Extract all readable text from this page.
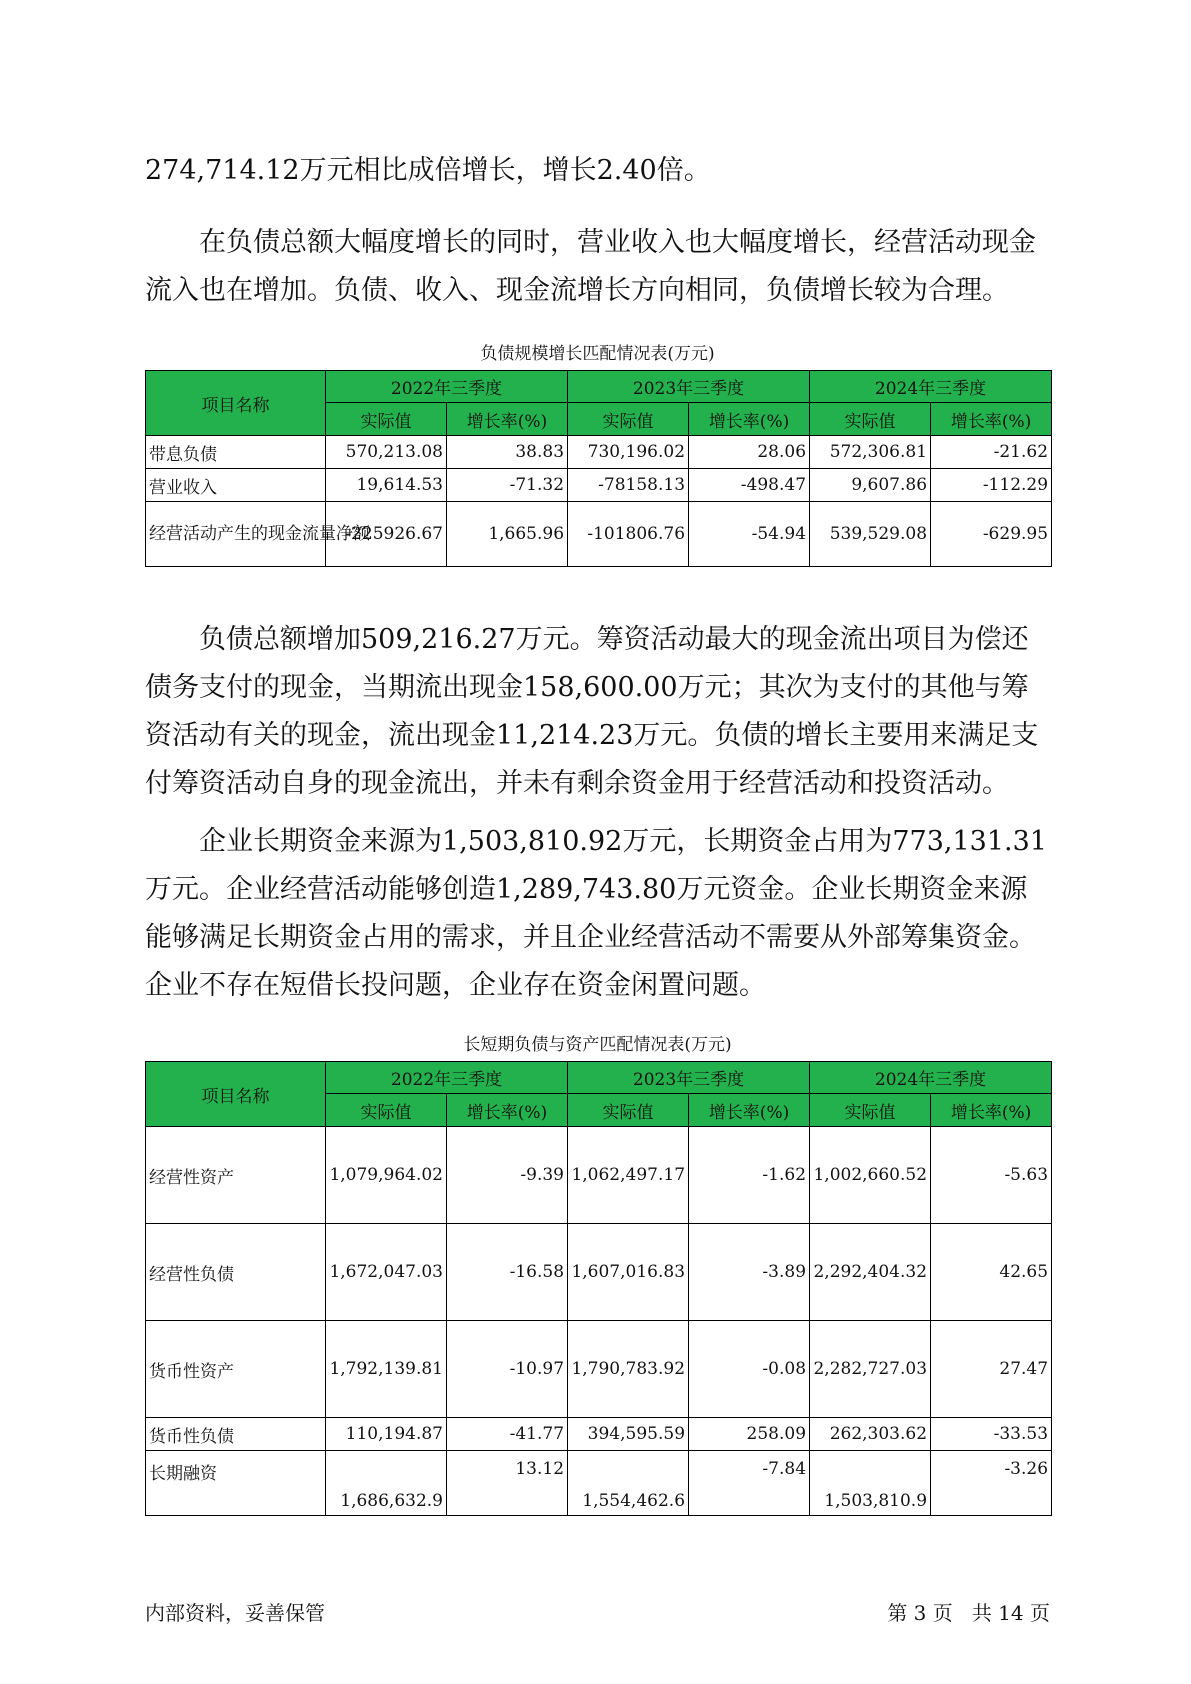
274,714.12万元相比成倍增长，增长2.40倍。

在负债总额大幅度增长的同时，营业收入也大幅度增长，经营活动现金流入也在增加。负债、收入、现金流增长方向相同，负债增长较为合理。

负债规模增长匹配情况表(万元)
项目名称	2022年三季度		2023年三季度		2024年三季度	
	实际值	增长率(%)	实际值	增长率(%)	实际值	增长率(%)
带息负债	570,213.08	38.83	730,196.02	28.06	572,306.81	-21.62
营业收入	19,614.53	-71.32	-78158.13	-498.47	9,607.86	-112.29
经营活动产生的现金流量净额	-225926.67	1,665.96	-101806.76	-54.94	539,529.08	-629.95

负债总额增加509,216.27万元。筹资活动最大的现金流出项目为偿还债务支付的现金，当期流出现金158,600.00万元；其次为支付的其他与筹资活动有关的现金，流出现金11,214.23万元。负债的增长主要用来满足支付筹资活动自身的现金流出，并未有剩余资金用于经营活动和投资活动。

企业长期资金来源为1,503,810.92万元，长期资金占用为773,131.31万元。企业经营活动能够创造1,289,743.80万元资金。企业长期资金来源能够满足长期资金占用的需求，并且企业经营活动不需要从外部筹集资金。企业不存在短借长投问题，企业存在资金闲置问题。

长短期负债与资产匹配情况表(万元)
项目名称	2022年三季度		2023年三季度		2024年三季度	
	实际值	增长率(%)	实际值	增长率(%)	实际值	增长率(%)
经营性资产	1,079,964.02	-9.39	1,062,497.17	-1.62	1,002,660.52	-5.63
经营性负债	1,672,047.03	-16.58	1,607,016.83	-3.89	2,292,404.32	42.65
货币性资产	1,792,139.81	-10.97	1,790,783.92	-0.08	2,282,727.03	27.47
货币性负债	110,194.87	-41.77	394,595.59	258.09	262,303.62	-33.53
长期融资	1,686,632.9	13.12	1,554,462.6	-7.84	1,503,810.9	-3.26
内部资料，妥善保管	第 3 页   共 14 页
